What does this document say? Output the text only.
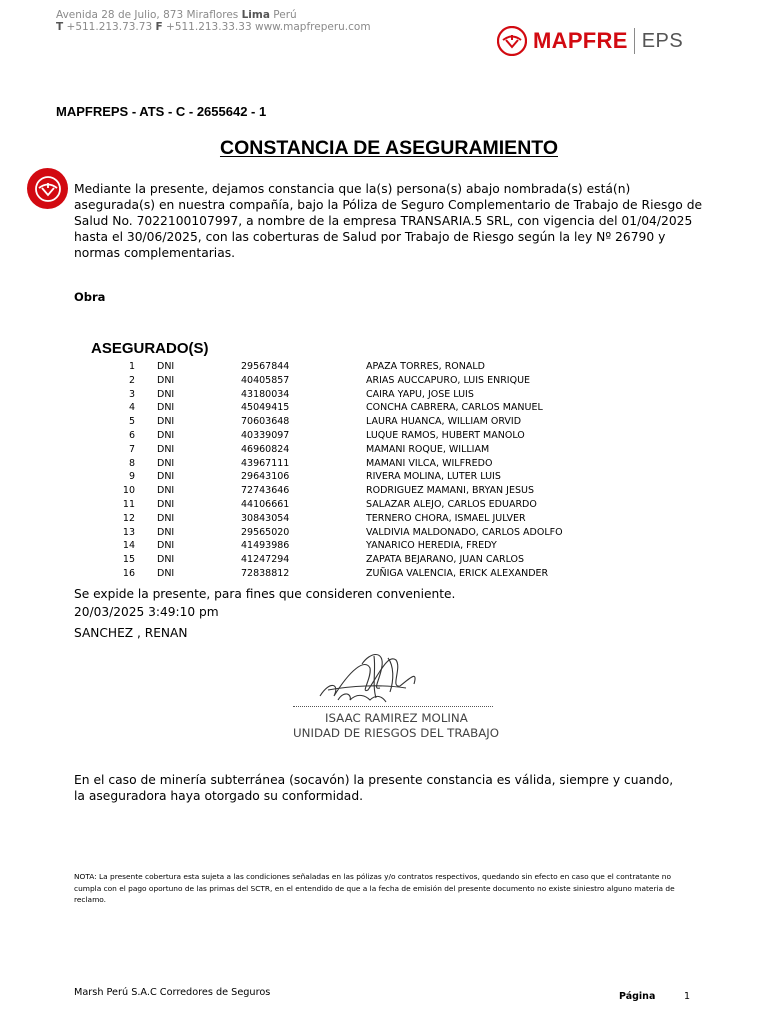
Avenida 28 de Julio, 873 Miraflores Lima Perú
T +511.213.73.73 F +511.213.33.33 www.mapfreperu.com
MAPFRE EPS
MAPFREPS - ATS - C - 2655642 - 1
CONSTANCIA DE ASEGURAMIENTO
Mediante la presente, dejamos constancia que la(s) persona(s) abajo nombrada(s) está(n) asegurada(s) en nuestra compañía, bajo la Póliza de Seguro Complementario de Trabajo de Riesgo de Salud No. 7022100107997, a nombre de la empresa TRANSARIA.5 SRL, con vigencia del 01/04/2025 hasta el 30/06/2025, con las coberturas de Salud por Trabajo de Riesgo según la ley Nº 26790 y normas complementarias.
Obra
ASEGURADO(S)
1 DNI	29567844	APAZA TORRES, RONALD
2 DNI	40405857	ARIAS AUCCAPURO, LUIS ENRIQUE
3 DNI	43180034	CAIRA YAPU, JOSE LUIS
4 DNI	45049415	CONCHA CABRERA, CARLOS MANUEL
5 DNI	70603648	LAURA HUANCA, WILLIAM ORVID
6 DNI	40339097	LUQUE RAMOS, HUBERT MANOLO
7 DNI	46960824	MAMANI ROQUE, WILLIAM
8 DNI	43967111	MAMANI VILCA, WILFREDO
9 DNI	29643106	RIVERA MOLINA, LUTER LUIS
10 DNI	72743646	RODRIGUEZ MAMANI, BRYAN JESUS
11 DNI	44106661	SALAZAR ALEJO, CARLOS EDUARDO
12 DNI	30843054	TERNERO CHORA, ISMAEL JULVER
13 DNI	29565020	VALDIVIA MALDONADO, CARLOS ADOLFO
14 DNI	41493986	YANARICO HEREDIA, FREDY
15 DNI	41247294	ZAPATA BEJARANO, JUAN CARLOS
16 DNI	72838812	ZUÑIGA VALENCIA, ERICK ALEXANDER
Se expide la presente, para fines que consideren conveniente.
20/03/2025 3:49:10 pm
SANCHEZ , RENAN
ISAAC RAMIREZ MOLINA
UNIDAD DE RIESGOS DEL TRABAJO
En el caso de minería subterránea (socavón) la presente constancia es válida, siempre y cuando, la aseguradora haya otorgado su conformidad.
NOTA: La presente cobertura esta sujeta a las condiciones señaladas en las pólizas y/o contratos respectivos, quedando sin efecto en caso que el contratante no cumpla con el pago oportuno de las primas del SCTR, en el entendido de que a la fecha de emisión del presente documento no existe siniestro alguno materia de reclamo.
Marsh Perú S.A.C Corredores de Seguros	Página	1
